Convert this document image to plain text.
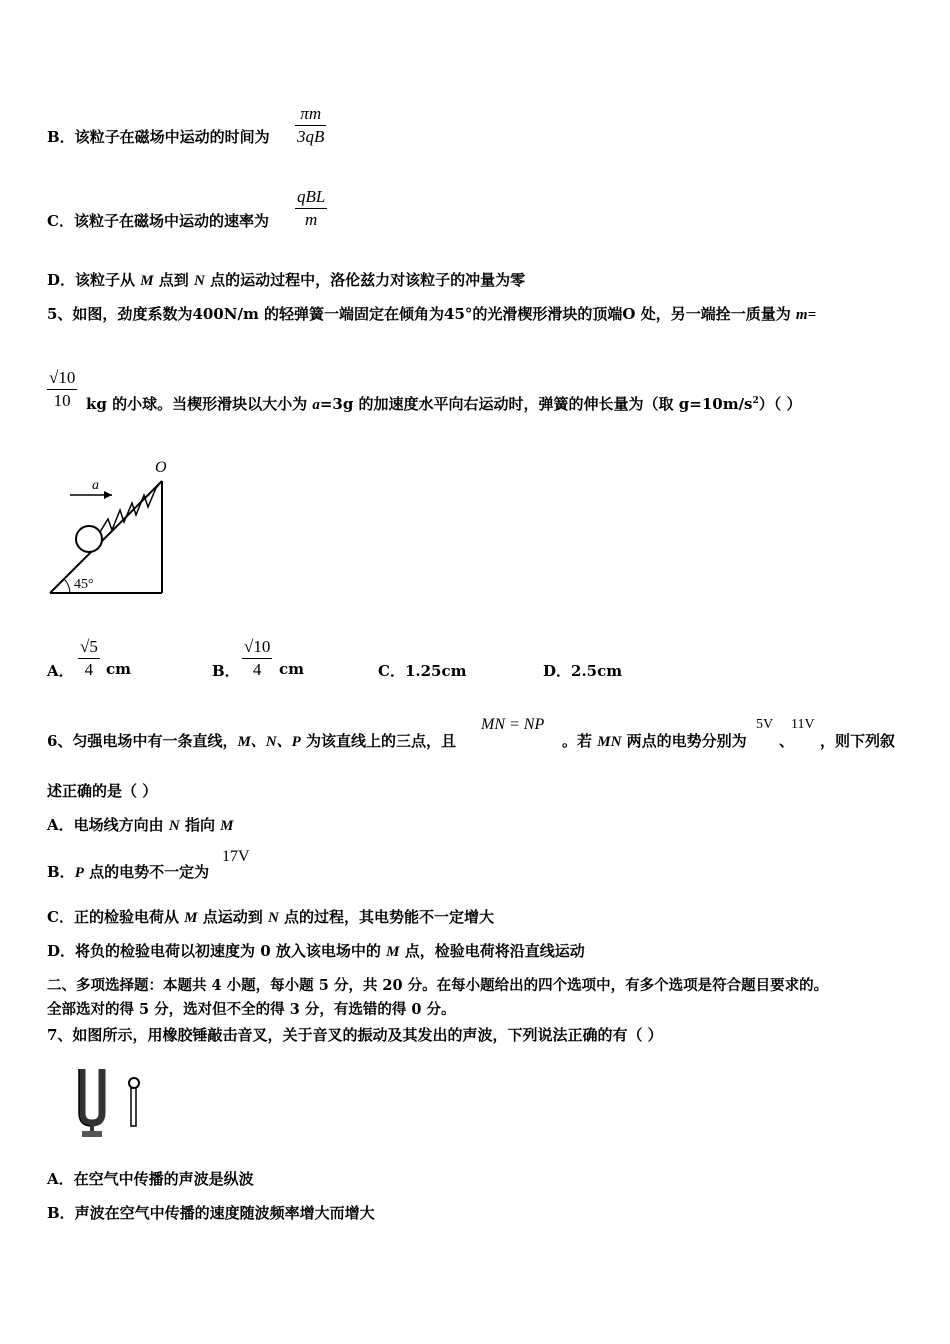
B．该粒子在磁场中运动的时间为
πm
3qB
C．该粒子在磁场中运动的速率为
qBL
m
D．该粒子从 M 点到 N 点的运动过程中，洛伦兹力对该粒子的冲量为零
5、如图，劲度系数为400N/m 的轻弹簧一端固定在倾角为45°的光滑楔形滑块的顶端O 处，另一端拴一质量为 m=
√10
10	kg 的小球。当楔形滑块以大小为 a=3g 的加速度水平向右运动时，弹簧的伸长量为（取 $g=10m/s^2$）（ ）
45°
O
a
A．
√5
4 cm	B．
√10
4	cm	C．1.25cm	D．2.5cm
6、匀强电场中有一条直线，M、N、P 为该直线上的三点，且
MN = NP
。若 MN 两点的电势分别为
5V
、
11V
，则下列叙
述正确的是（ ）
A．电场线方向由 N 指向 M
B．P 点的电势不一定为
17V
C．正的检验电荷从 M 点运动到 N 点的过程，其电势能不一定增大
D．将负的检验电荷以初速度为 0 放入该电场中的 M 点，检验电荷将沿直线运动
二、多项选择题：本题共 4 小题，每小题 5 分，共 20 分。在每小题给出的四个选项中，有多个选项是符合题目要求的。
全部选对的得 5 分，选对但不全的得 3 分，有选错的得 0 分。
7、如图所示，用橡胶锤敲击音叉，关于音叉的振动及其发出的声波，下列说法正确的有（ ）
A．在空气中传播的声波是纵波
B．声波在空气中传播的速度随波频率增大而增大
